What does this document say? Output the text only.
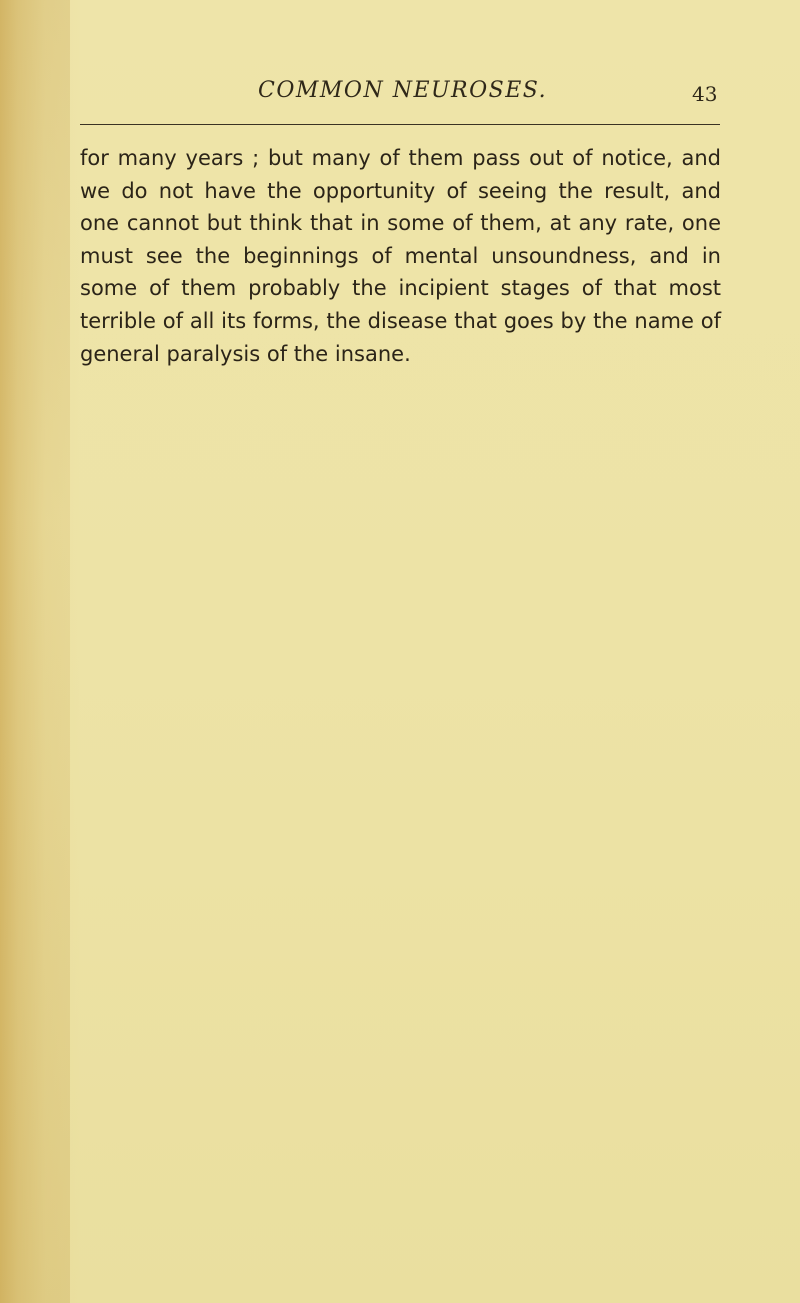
COMMON NEUROSES.	43

for many years ; but many of them pass out of notice, and we do not have the opportunity of seeing the result, and one cannot but think that in some of them, at any rate, one must see the beginnings of mental unsoundness, and in some of them probably the incipient stages of that most terrible of all its forms, the disease that goes by the name of general paralysis of the insane.
